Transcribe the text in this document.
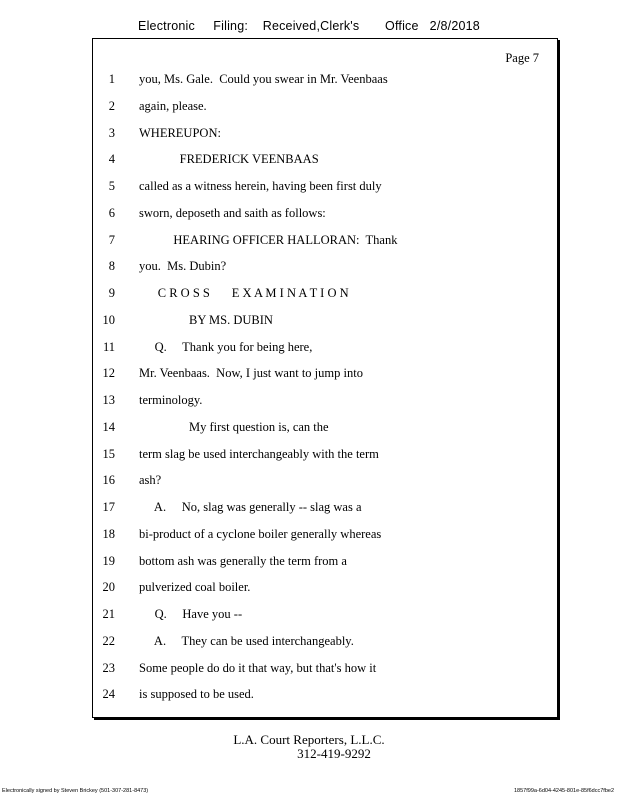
Electronic     Filing:    Received,Clerk's       Office   2/8/2018
Page 7
1 you, Ms. Gale.  Could you swear in Mr. Veenbaas
2 again, please.
3 WHEREUPON:
4 FREDERICK VEENBAAS
5 called as a witness herein, having been first duly
6 sworn, deposeth and saith as follows:
7 HEARING OFFICER HALLORAN:  Thank
8 you.  Ms. Dubin?
9 C R O S S       E X A M I N A T I O N
10 BY MS. DUBIN
11 Q.     Thank you for being here,
12 Mr. Veenbaas.  Now, I just want to jump into
13 terminology.
14 My first question is, can the
15 term slag be used interchangeably with the term
16 ash?
17 A.     No, slag was generally -- slag was a
18 bi-product of a cyclone boiler generally whereas
19 bottom ash was generally the term from a
20 pulverized coal boiler.
21 Q.     Have you --
22 A.     They can be used interchangeably.
23 Some people do do it that way, but that's how it
24 is supposed to be used.
L.A. Court Reporters, L.L.C.
312-419-9292
Electronically signed by Steven Brickey (501-307-281-8473)	1857f99a-6d04-4245-801e-85f6dcc7fbe2
